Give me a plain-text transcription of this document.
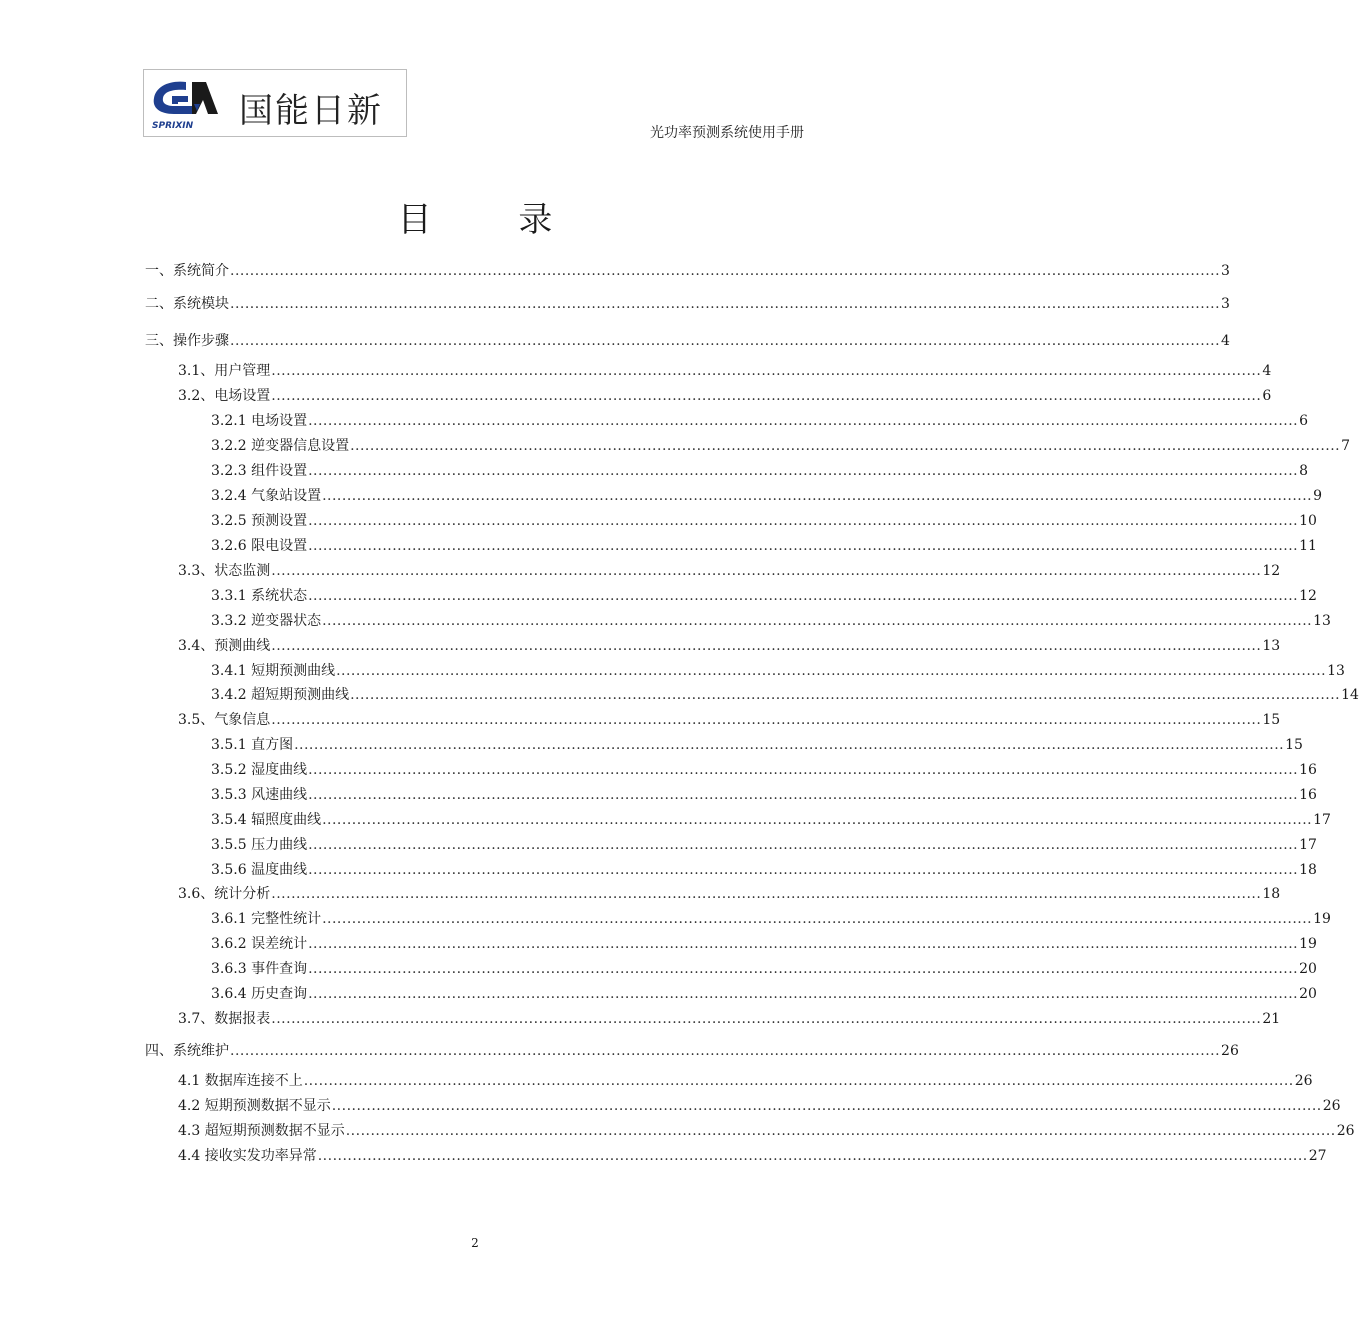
SPRIXIN 国能日新
光功率预测系统使用手册
目 录
一、系统简介 ........................................................................................................................................................................................................ 3
二、系统模块 ........................................................................................................................................................................................................ 3
三、操作步骤 ........................................................................................................................................................................................................ 4
3.1、用户管理 ........................................................................................................................................................................................................ 4
3.2、电场设置 ........................................................................................................................................................................................................ 6
3.2.1 电场设置 ........................................................................................................................................................................................................ 6
3.2.2 逆变器信息设置 ........................................................................................................................................................................................................ 7
3.2.3 组件设置 ........................................................................................................................................................................................................ 8
3.2.4 气象站设置 ........................................................................................................................................................................................................ 9
3.2.5 预测设置 ........................................................................................................................................................................................................ 10
3.2.6 限电设置 ........................................................................................................................................................................................................ 11
3.3、状态监测 ........................................................................................................................................................................................................ 12
3.3.1 系统状态 ........................................................................................................................................................................................................ 12
3.3.2 逆变器状态 ........................................................................................................................................................................................................ 13
3.4、预测曲线 ........................................................................................................................................................................................................ 13
3.4.1 短期预测曲线 ........................................................................................................................................................................................................ 13
3.4.2 超短期预测曲线 ........................................................................................................................................................................................................ 14
3.5、气象信息 ........................................................................................................................................................................................................ 15
3.5.1 直方图 ........................................................................................................................................................................................................ 15
3.5.2 湿度曲线 ........................................................................................................................................................................................................ 16
3.5.3 风速曲线 ........................................................................................................................................................................................................ 16
3.5.4 辐照度曲线 ........................................................................................................................................................................................................ 17
3.5.5 压力曲线 ........................................................................................................................................................................................................ 17
3.5.6 温度曲线 ........................................................................................................................................................................................................ 18
3.6、统计分析 ........................................................................................................................................................................................................ 18
3.6.1 完整性统计 ........................................................................................................................................................................................................ 19
3.6.2 误差统计 ........................................................................................................................................................................................................ 19
3.6.3 事件查询 ........................................................................................................................................................................................................ 20
3.6.4 历史查询 ........................................................................................................................................................................................................ 20
3.7、数据报表 ........................................................................................................................................................................................................ 21
四、系统维护 ........................................................................................................................................................................................................ 26
4.1 数据库连接不上 ........................................................................................................................................................................................................ 26
4.2 短期预测数据不显示 ........................................................................................................................................................................................................ 26
4.3 超短期预测数据不显示 ........................................................................................................................................................................................................ 26
4.4 接收实发功率异常 ........................................................................................................................................................................................................ 27
2
